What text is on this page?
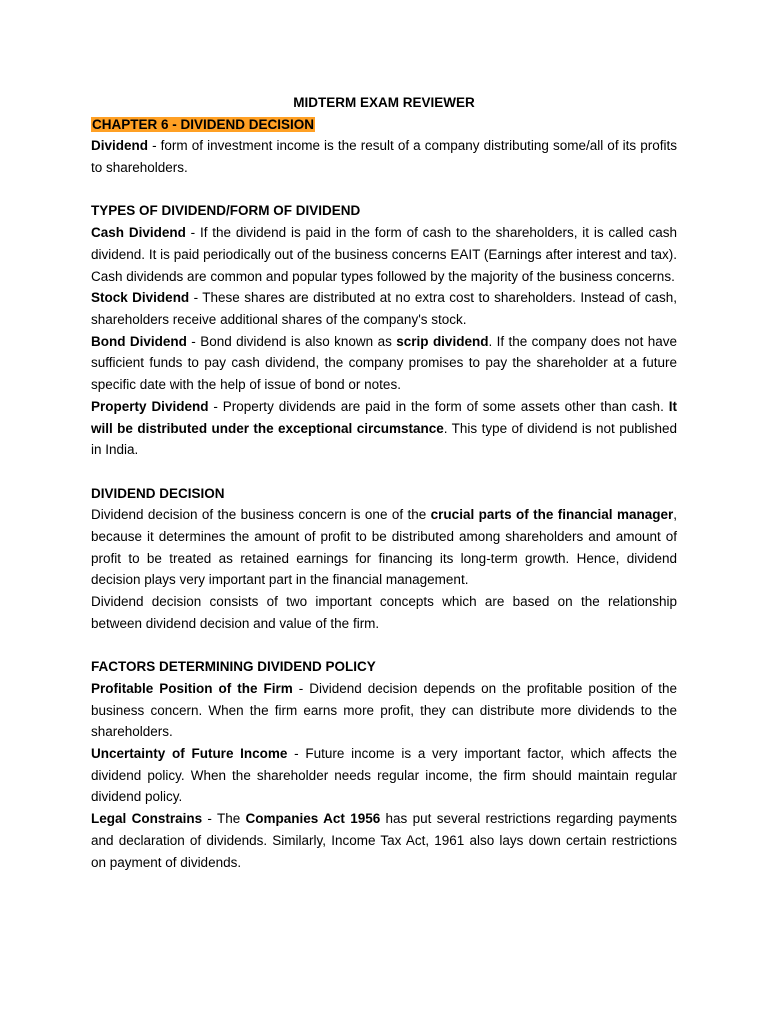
MIDTERM EXAM REVIEWER
CHAPTER 6 - DIVIDEND DECISION

Dividend - form of investment income is the result of a company distributing some/all of its profits to shareholders.

TYPES OF DIVIDEND/FORM OF DIVIDEND

Cash Dividend - If the dividend is paid in the form of cash to the shareholders, it is called cash dividend. It is paid periodically out of the business concerns EAIT (Earnings after interest and tax). Cash dividends are common and popular types followed by the majority of the business concerns.

Stock Dividend - These shares are distributed at no extra cost to shareholders. Instead of cash, shareholders receive additional shares of the company's stock.

Bond Dividend - Bond dividend is also known as scrip dividend. If the company does not have sufficient funds to pay cash dividend, the company promises to pay the shareholder at a future specific date with the help of issue of bond or notes.

Property Dividend - Property dividends are paid in the form of some assets other than cash. It will be distributed under the exceptional circumstance. This type of dividend is not published in India.

DIVIDEND DECISION

Dividend decision of the business concern is one of the crucial parts of the financial manager, because it determines the amount of profit to be distributed among shareholders and amount of profit to be treated as retained earnings for financing its long-term growth. Hence, dividend decision plays very important part in the financial management.

Dividend decision consists of two important concepts which are based on the relationship between dividend decision and value of the firm.

FACTORS DETERMINING DIVIDEND POLICY

Profitable Position of the Firm - Dividend decision depends on the profitable position of the business concern. When the firm earns more profit, they can distribute more dividends to the shareholders.

Uncertainty of Future Income - Future income is a very important factor, which affects the dividend policy. When the shareholder needs regular income, the firm should maintain regular dividend policy.

Legal Constrains - The Companies Act 1956 has put several restrictions regarding payments and declaration of dividends. Similarly, Income Tax Act, 1961 also lays down certain restrictions on payment of dividends.
